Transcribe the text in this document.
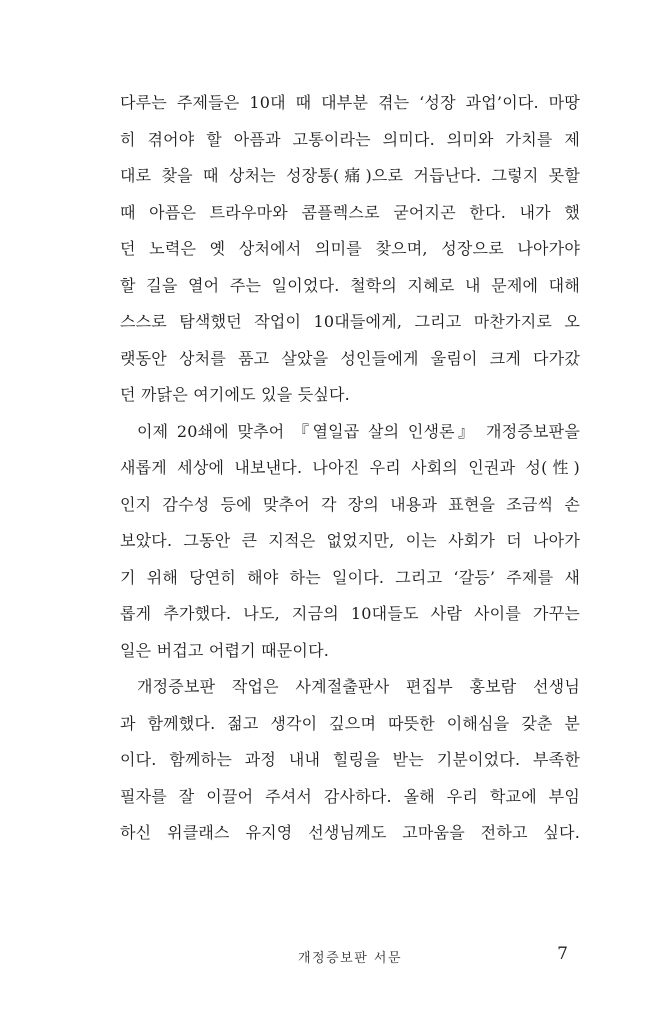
다루는 주제들은 10대 때 대부분 겪는 ‘성장 과업’이다. 마땅
히 겪어야 할 아픔과 고통이라는 의미다. 의미와 가치를 제
대로 찾을 때 상처는 성장통(痛)으로 거듭난다. 그렇지 못할
때 아픔은 트라우마와 콤플렉스로 굳어지곤 한다. 내가 했
던 노력은 옛 상처에서 의미를 찾으며, 성장으로 나아가야
할 길을 열어 주는 일이었다. 철학의 지혜로 내 문제에 대해
스스로 탐색했던 작업이 10대들에게, 그리고 마찬가지로 오
랫동안 상처를 품고 살았을 성인들에게 울림이 크게 다가갔
던 까닭은 여기에도 있을 듯싶다.

이제 20쇄에 맞추어 『열일곱 살의 인생론』 개정증보판을
새롭게 세상에 내보낸다. 나아진 우리 사회의 인권과 성(性)
인지 감수성 등에 맞추어 각 장의 내용과 표현을 조금씩 손
보았다. 그동안 큰 지적은 없었지만, 이는 사회가 더 나아가
기 위해 당연히 해야 하는 일이다. 그리고 ‘갈등’ 주제를 새
롭게 추가했다. 나도, 지금의 10대들도 사람 사이를 가꾸는
일은 버겁고 어렵기 때문이다.

개정증보판 작업은 사계절출판사 편집부 홍보람 선생님
과 함께했다. 젊고 생각이 깊으며 따뜻한 이해심을 갖춘 분
이다. 함께하는 과정 내내 힐링을 받는 기분이었다. 부족한
필자를 잘 이끌어 주셔서 감사하다. 올해 우리 학교에 부임
하신 위클래스 유지영 선생님께도 고마움을 전하고 싶다.

개정증보판 서문	7
